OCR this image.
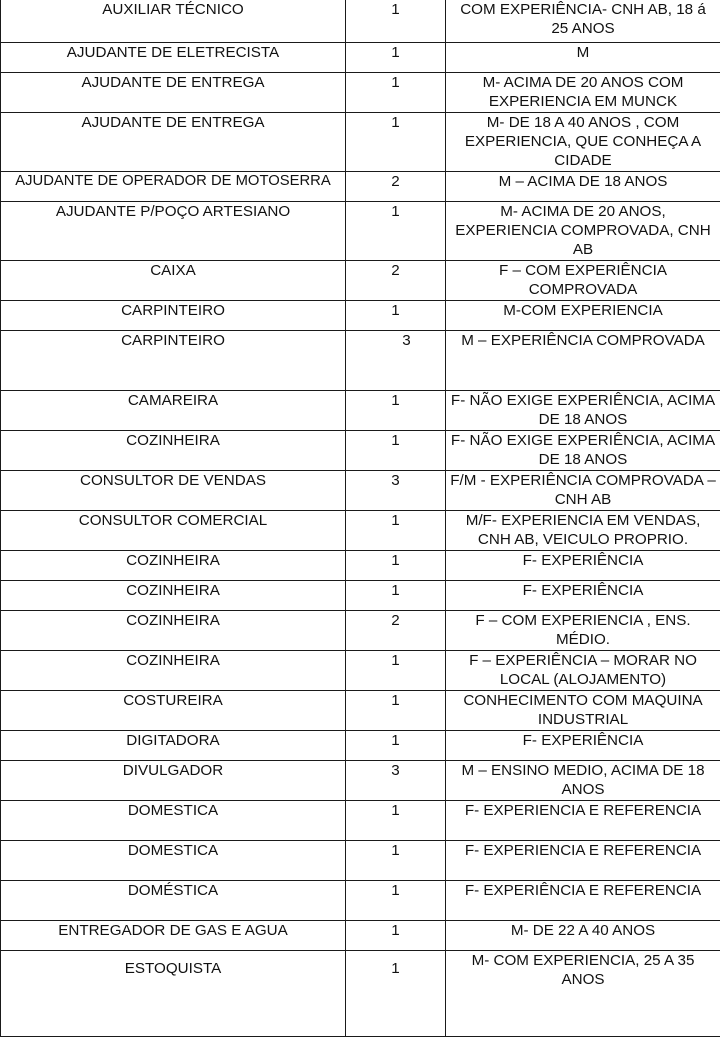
AUXILIAR TÉCNICO	1	COM EXPERIÊNCIA- CNH AB, 18 á 25 ANOS
AJUDANTE DE ELETRECISTA	1	M
AJUDANTE DE ENTREGA	1	M- ACIMA DE 20 ANOS COM EXPERIENCIA EM MUNCK
AJUDANTE DE ENTREGA	1	M- DE 18 A 40 ANOS , COM EXPERIENCIA, QUE CONHEÇA A CIDADE
AJUDANTE DE OPERADOR DE MOTOSERRA	2	M – ACIMA DE 18 ANOS
AJUDANTE P/POÇO ARTESIANO	1	M- ACIMA DE 20 ANOS, EXPERIENCIA COMPROVADA, CNH AB
CAIXA	2	F – COM EXPERIÊNCIA COMPROVADA
CARPINTEIRO	1	M-COM EXPERIENCIA
CARPINTEIRO	3	M – EXPERIÊNCIA COMPROVADA
CAMAREIRA	1	F- NÃO EXIGE EXPERIÊNCIA, ACIMA DE 18 ANOS
COZINHEIRA	1	F- NÃO EXIGE EXPERIÊNCIA, ACIMA DE 18 ANOS
CONSULTOR DE VENDAS	3	F/M - EXPERIÊNCIA COMPROVADA – CNH AB
CONSULTOR COMERCIAL	1	M/F- EXPERIENCIA EM VENDAS, CNH AB, VEICULO PROPRIO.
COZINHEIRA	1	F- EXPERIÊNCIA
COZINHEIRA	1	F- EXPERIÊNCIA
COZINHEIRA	2	F – COM EXPERIENCIA , ENS. MÉDIO.
COZINHEIRA	1	F – EXPERIÊNCIA – MORAR NO LOCAL (ALOJAMENTO)
COSTUREIRA	1	CONHECIMENTO COM MAQUINA INDUSTRIAL
DIGITADORA	1	F- EXPERIÊNCIA
DIVULGADOR	3	M – ENSINO MEDIO, ACIMA DE 18 ANOS
DOMESTICA	1	F- EXPERIENCIA E REFERENCIA
DOMESTICA	1	F- EXPERIENCIA E REFERENCIA
DOMÉSTICA	1	F- EXPERIÊNCIA E REFERENCIA
ENTREGADOR DE GAS E AGUA	1	M- DE 22 A 40 ANOS
ESTOQUISTA	1	M- COM EXPERIENCIA, 25 A 35 ANOS
